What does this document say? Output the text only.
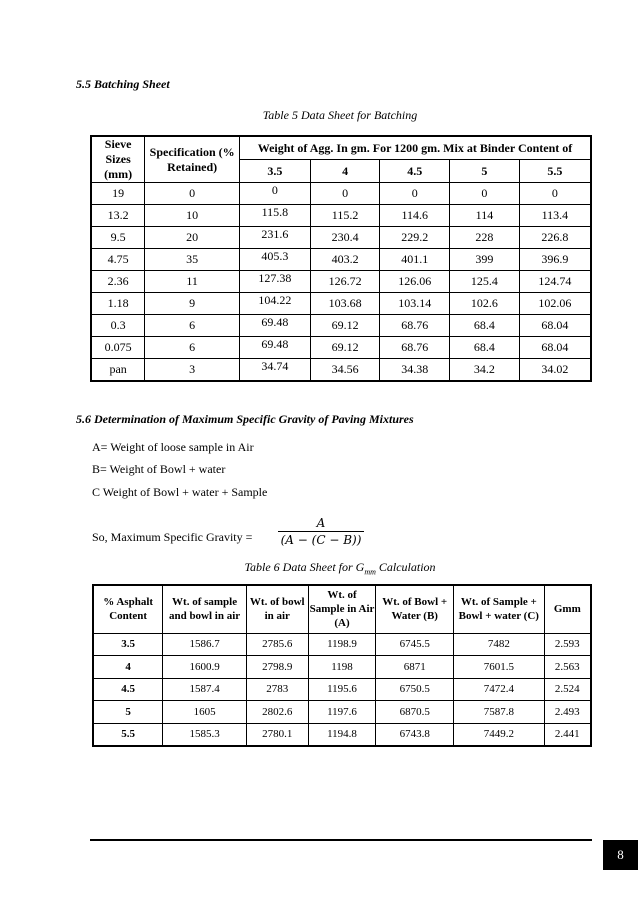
5.5 Batching Sheet
Table 5 Data Sheet for Batching
Sieve Sizes (mm)	Specification (% Retained)	Weight of Agg. In gm. For 1200 gm. Mix at Binder Content of				
		3.5	4	4.5	5	5.5
19	0	0	0	0	0	0
13.2	10	115.8	115.2	114.6	114	113.4
9.5	20	231.6	230.4	229.2	228	226.8
4.75	35	405.3	403.2	401.1	399	396.9
2.36	11	127.38	126.72	126.06	125.4	124.74
1.18	9	104.22	103.68	103.14	102.6	102.06
0.3	6	69.48	69.12	68.76	68.4	68.04
0.075	6	69.48	69.12	68.76	68.4	68.04
pan	3	34.74	34.56	34.38	34.2	34.02
5.6 Determination of Maximum Specific Gravity of Paving Mixtures
A= Weight of loose sample in Air
B= Weight of Bowl + water
C Weight of Bowl + water + Sample
So, Maximum Specific Gravity =
A
(A − (C − B))
Table 6 Data Sheet for $G_{mm}$ Calculation
% Asphalt Content	Wt. of sample and bowl in air	Wt. of bowl in air	Wt. of Sample in Air (A)	Wt. of Bowl + Water (B)	Wt. of Sample + Bowl + water (C)	Gmm
3.5	1586.7	2785.6	1198.9	6745.5	7482	2.593
4	1600.9	2798.9	1198	6871	7601.5	2.563
4.5	1587.4	2783	1195.6	6750.5	7472.4	2.524
5	1605	2802.6	1197.6	6870.5	7587.8	2.493
5.5	1585.3	2780.1	1194.8	6743.8	7449.2	2.441
8
